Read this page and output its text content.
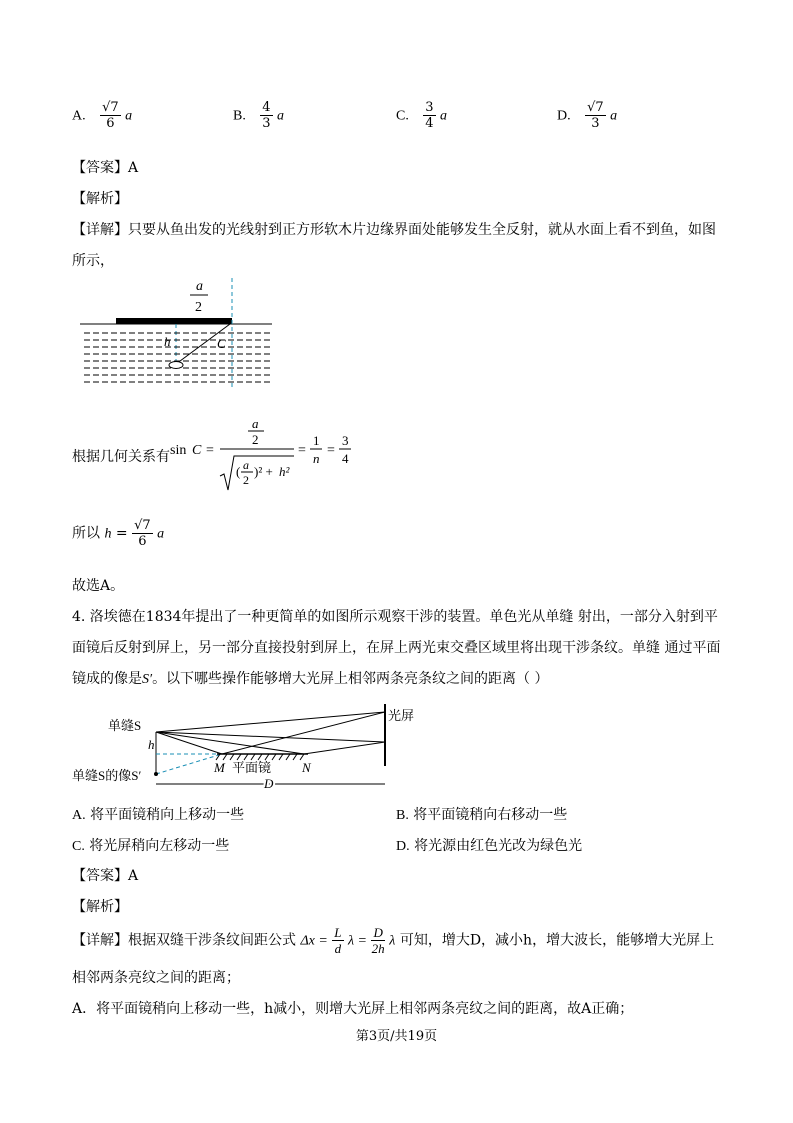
A. $\frac{√7}{6}$ a	B. $\frac{4}{3}$ a	C. $\frac{3}{4}$ a	D. $\frac{√7}{3}$ a
【答案】A
【解析】
【详解】只要从鱼出发的光线射到正方形软木片边缘界面处能够发生全反射，就从水面上看不到鱼，如图
所示，
a
2
h	C
根据几何关系有 sin C =
a
2
( a
2
)² + h²
=
1
n
=
3
4
所以 $h = \frac{√7}{6}$ a
故选A。
4. 洛埃德在1834年提出了一种更简单的如图所示观察干涉的装置。单色光从单缝 射出，一部分入射到平
面镜后反射到屏上，另一部分直接投射到屏上，在屏上两光束交叠区域里将出现干涉条纹。单缝 通过平面
镜成的像是S′。以下哪些操作能够增大光屏上相邻两条亮条纹之间的距离（ ）
单缝S
h
单缝S的像S′
光屏
M 平面镜 N
D
A. 将平面镜稍向上移动一些	B. 将平面镜稍向右移动一些
C. 将光屏稍向左移动一些	D. 将光源由红色光改为绿色光
【答案】A
【解析】
【详解】根据双缝干涉条纹间距公式 $\Delta x = \frac{L}{d}$ $\lambda = \frac{D}{2h}$ λ 可知，增大D，减小h，增大波长，能够增大光屏上
相邻两条亮纹之间的距离；
A．将平面镜稍向上移动一些，h减小，则增大光屏上相邻两条亮纹之间的距离，故A正确；
第3页/共19页
